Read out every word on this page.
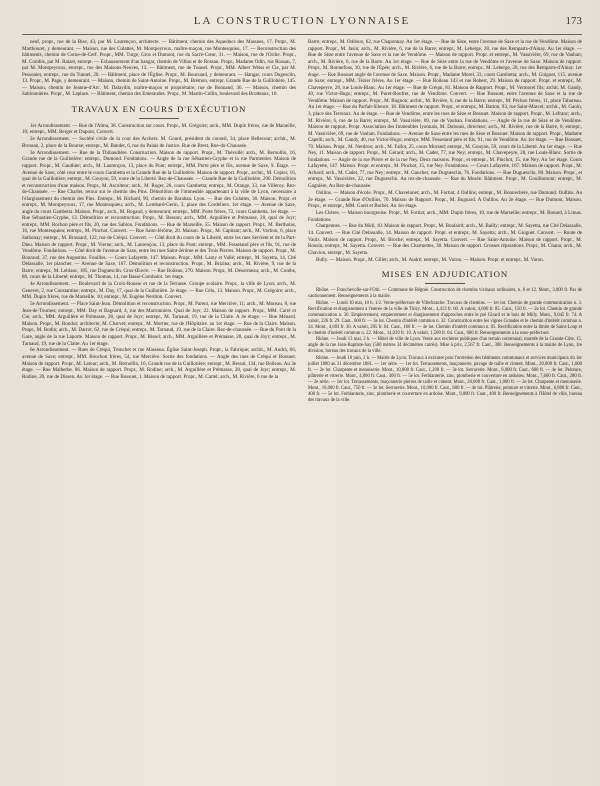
LA CONSTRUCTION LYONNAISE	173

neuf, propr., rue de la Bise, 43, par M. Laurençon, architecte. — Bâtiment, chemin des Aqueducs des Massues, 17. Propr., M. Marthouret, y demeurant. — Maison, rue des Culattes, M. Montpeyroux, maître-maçon, rue Montesquieu, 17. — Reconstruction des bâtiments, chemin de Corne-de-Cerf. Propr., MM. Turge, Gros et Dumont, rue du Sacré-Cœur, 31. — Maison, rue de l'Ordre. Propr., M. Combis, par M. Raizet, entrepr. — Exhaussement d'un hangar, chemin de Villon et de Rossan. Propr., Madame Odin, rue Rossan, 7, par M. Montpeyroux, entrepr., rue des Maisons-Neuves, 13. — Bâtiment, rue de Tunnel. Propr., MM. Albert Weiss et Cie, par M. Pessonier, entrepr., rue du Tunnel, 20. — Bâtiment, place de l'Église. Propr., M. Boursaud, y demeurant. — Hangar, cours Dugesclin, 13. Propr., M. Page, y demeurant. — Maison, chemin de Saint-Antoine. Propr., M. Brémon, entrepr. Grande Rue de la Guillotière, 145. — Maison, chemin de Jeanne-d'Arc. M. Dalaydin, maître-maçon et propriétaire, rue de Bonnand, 36. — Maison, chemin des Sablonnières. Propr., M. Laplace. — Bâtiment, chemin des Emeraudes. Propr., M. Martin-Collin, boulevard des Brotteaux, 16.

TRAVAUX EN COURS D'EXÉCUTION

1er Arrondissement. — Rue de l'Alma, 38. Construction sur cours. Propr., M. Grégoire; arch., MM. Dupin frères, rue de Marseille, 10; entrepr., MM. Berger et Dupont, Convert.

2e Arrondissement. — Société civile de la cour des Archers. M. Gourd, président du conseil, 34, place Bellecour; archit., M. Brossan, 2, place de la Bourse; entrepr., M. Bandet, 6, rue du Palais de Justice. Rue de Brest, Rue-du-Chaussée.

3e Arrondissement. — Rue de la Thibaudière. Construction. Maison de rapport. Propr., M. Thévollé; arch., M. Bernollin, 16, Grande rue de la Guillotière; entrepr., Dumond. Fondations. — Angle de la rue Sébastien-Gryphe et la rue Parmentier. Maison de rapport. Propr., M. Gauthier; arch., M. Laurençon, 13, place du Pont; entrepr., MM. Porte père et fils, avenue de Saxe, 9. Étage. — Avenue de Saxe, côté cour entre le cours Gambetta et la Grande Rue de la Guillotière. Maison de rapport. Propr., archit., M. Copier, 16, quai de la Guillotière; entrepr., M. Gouyon, 59, route de la Liberté. Rez-de-Chaussée. — Grande Rue de la Guillotière, 290. Démolition et reconstruction d'une maison. Propr., M. Ascolteur; arch., M. Roger, 26, cours Gambetta; entrepr., M. Orange, 33, rue Villeroy. Rez-de-Chaussée. — Rue Charlet, retour sur le chemin des Pins. Démolition de l'immeuble appartenant à la ville de Lyon, nécessaire à l'élargissement du chemin des Pins. Entrepr., M. Richard, 90, chemin de Baraban. Lyon. — Rue des Culattes, 30. Maison. Propr. et entrepr., M. Montpeyroux, 17, rue Montesquieu; arch., M. Lombard-Gerin, 3, place des Cordeliers. 1er étage. — Avenue de Saxe, angle du cours Gambetta. Maison. Propr., arch., M. Bogaud, y demeurant; entrepr., MM. Porte frères, 72, cours Gambetta. 1er étage. — Rue Sébastien-Gryphe, 13. Démolition et reconstruction. Propr., M. Besson; arch., MM. Arguillère et Prémasse, 28, quai de Joyr; entrepr., MM. Rochon père et fils, 20, rue des Sablon. Fondations. — Rue de Marseille, 55. Maison de rapport. Propr., M. Bertholas, 16, rue Montesquieu; entrepr., M. Pinchot. Convert. — Rue Saint-Jérôme, 20. Maison. Propr., M. Capitant; arch., M. Vachon, 6, place Sathonay; entrepr., M. Brossard, 122, rue de Créqui. Convert. — Côté droit du cours de la Liberté, entre les rues Servient et de la Part-Dieu. Maison de rapport. Propr., M. Vierne; arch., M. Laurençon, 13, place du Pont; entrepr., MM. Fessetand père et fils, 91, rue de Vendôme. Fondations. — Côté droit de l'avenue de Saxe, entre les rues Saint-Jérôme et des Trois Pierres. Maison de rapport. Propr., M. Bouraud, 37, rue des Augustins. Fouilles. — Cours Lafayette, 147. Maison. Propr., MM. Lamy et Vallé; entrepr., M. Sayetta, 14, Cité Delassalle, 1er plancher. — Avenue de Saxe, 167. Démolition et reconstruction. Propr., M. Brizina; arch., M. Rivière, 9, rue de la Barre; entrepr., M. Leblanc, 185, rue Duguesclin. Gros-Œuvre. — Rue Boileau, 270. Maison. Propr., M. Désormeau; arch., M. Combs, 86, cours de la Liberté; entrepr., M. Thomas, 14, rue Basse-Combalot. 1er étage.

4e Arrondissement. — Boulevard de la Croix-Rousse et rue de la Terrasse. Groupe scolaire. Propr., la ville de Lyon; arch., M. Genevet, 2, rue Constantine; entrepr., M. Day, 17, quai de la Guillotière. 2e étage. — Rue Célu, 13. Maison. Propr., M. Grégoire; arch., MM. Dupin frères, rue de Marseille, 10; entrepr., M. Eugène Nerdron. Convert.

5e Arrondissement. — Place Saint-Jean. Démolition et reconstruction. Propr., M. Parent, rue Mercière, 11; arch., M. Moreau, 8, rue Jean-de-Tournes; entrepr., MM. Day et Bagnard, 4, rue des Marronniers. Quai de Joyr, 22. Maison de rapport. Propr., MM. Carré et Cie; arch., MM. Arguillère et Prémasse, 28, quai de Joyr; entrepr., M. Tarnaud, 19, rue de la Claire. A 4e étage. — Rue Ménard. Maison. Propr., M. Rondot; architecte, M. Charvet; entrepr., M. Mortier, rue de l'Hôpitaire. au 1er étage. — Rue de la Claire. Maison. Propr., M. Bodin; arch., M. Darrot, 62, rue de Créqui; entrepr., M. Tarnaud, 19, rue de la Claire. Rez-de-chaussée. — Rue du Pont de la Gare, angle de la rue Laporte. Maison de rapport. Propr., M. Bissel; arch., MM. Arguillère et Prémasse, 28, quai de Joyr; entrepr., M. Tarnaud, 19, rue de la Claire. Au 1er étage.

6e Arrondissement. — Rues de Créqui, Tronchet et rue Massena. Église Saint-Joseph. Propr., la Fabrique; archit., M. Audrà, 66, avenue de Saxe; entrepr., MM. Bouchon frères, 54, rue Mercière. Sortie des fondations. — Angle des rues de Créqui et Bossuet. Maison de rapport. Propr., M. Latour; arch., M. Bernollin, 16, Grande rue de la Guillotière; entrepr., M. Bessal, 134, rue Boileau. Au 3e étage. — Rue Malherbe. 86. Maison de rapport. Propr., M. Rodine; arch., M. Arguillère et Prémasse, 28, quai de Joyr; entrepr., M. Rodine, 20, rue de Dissen. Au 1er étage. — Rue Bossuet, 1. Maison de rapport. Propr., M. Cartel; arch., M. Rivière, 6 rue de la

Barre; entrepr., M. Oddoux, 62, rue Chaponnay. Au 1er étage. — Rue de Sèze, entre l'avenue de Saxe et la rue de Vendôme. Maison de rapport. Propr., M. Jasin; arch., M. Rivière, 6, rue de la Barre; entrepr., M. Leberge, 28, rue des Remparts-d'Ainay. Au 1er étage. — Rue de Sèze entre l'avenue de Saxe et la rue de Vendôme. — Maison de rapport. Propr. et entrepr., M. Vassivière, 69, rue de Vauban; arch., M. Rivière, 6, rue de la Barre. Au 1er étage. — Rue de Sèze entre la rue de Vendôme et l'avenue de Saxe. Maison de rapport. Propr., M. Bonnefous, 10, rue de l'Épée; arch., M. Rivière, 6, rue de la Barre; entrepr., M. Leberge, 28, rue des Remparts-d'Ainay. 1er étage. — Rue Bossuet angle de l'avenue de Saxe. Maison. Propr., Madame Morel, 33, cours Gambetta; arch., M. Guiguet, 115, avenue de Saxe; entrepr., MM. Tézier frères. Au 1er étage. — Rue Boileau 143 et rue Robert, 29. Maison de rapport. Propr. et entrepr., M. Chavepeyre, 28, rue Louis-Blanc. Au 1er étage. — Rue de Créqui, 81. Maison de Rapport. Propr., M. Vermorel fils; archit. M. Gandy, 40, rue Victor-Hugo; entrepr., M. Puret-Bonfret, rue de Vendôme. Convert. — Rue Bossuet, entre l'avenue de Saxe et la rue de Vendôme. Maison de rapport. Propr., M. Bugnon; archit., M. Rivière, 6, rue de la Barre; entrepr., M. Péchon frères, 11, place Tabareau. Au 1er étage. — Rue du Parfait-Silence, 18. Bâtiment de rapport. Propr., et entrepr., M. Batton, 93, rue Saint-Marcel; archit., M. Gaoin, 3, place des Terreaux. Au 4e étage. — Rue de Vendôme, entre les rues de Sèze et Bossuet. Maison de rapport. Propr., M. Lefranc; arch., M. Rivière, 6, rue de la Barre; entrepr., M. Vassivière, 69, rue de Vauban. Fondations. — Angle de la rue de Sèze et de Vendôme. Maison de rapport. Propr. Association des Immeubles lyonnais, M. Dubouis, directeur; arch., M. Rivière, rue de la Barre, 6; entrepr., M. Vassivière, 69, rue de Vauban. Fondations. — Avenue de Saxe entre les rues de Sèze et Bossuet. Maison de rapport. Propr., Madame Capelli; arch., M. Gandy, 40, rue Victor-Hugo; entrepr. MM. Fessetand père et fils, 91, rue de Vendôme. Au 1er étage. — Rue Bossuet, 70. Maison. Propr., M. Nerdron; arch., M. Fallot, 25, cours Morand; entrepr., M. Gouyon, 59, cours de la Liberté. Au 1er étage. — Rue Ney, 11. Maison de rapport. Propr., M. Gérard; arch., M. Cadet, 77, rue Ney; entrepr., M. Chavepeyre, 28, rue Louis-Blanc. Sortie de fondations. — Angle de la rue Pierre et de la rue Ney. Deux maisons. Propr., et entrepr., M. Pinchot, 15, rue Ney. Au 1er étage. Cours Lafayette, 147. Maison. Propr. et entrepr., M. Pinchot, 15, rue Ney. Fondations. — Cours Lafayette, 167. Maison de rapport. Propr., M. Achard; arch., M. Cadet, 77, rue Ney; entrepr., M. Gaucher, rue Duguesclin, 76. Fondations. — Rue Duguesclin, 80. Maison. Propr., et entrepr., M. Vassivière, 22, rue Duguesclin. Au rez-de-chaussée. — Rue du Musée. Bâtiment. Propr., M. Gouillomont; entrepr., M. Gagnière, Au Rez-de-chaussée.

Oullins. — Maison d'école. Propr., M. Chavelonet; arch., M. Fortiat, 4 Oullins; entrepr., M. Bonnechère, rue Dumond. Oullins. Au 2e étage. — Grande Rue d'Oullins, 70. Maison de Rapport. Propr., M. Bugnard. A Oullins. Au 2e étage. — Rue Dumont. Maison. Propr., et entrepr., MM. Garet et Borbet. Au 1er étage.

Les Chères. — Maison bourgeoise. Propr., M. Fortiat; arch., MM. Dupin frères, 10, rue de Marseille; entrepr., M. Bonard, à Limas. Fondations.

Charpennes. — Rue du Midi, 10. Maison de rapport. Propr., M. Boulaird; arch., M. Bailly; entrepr., M. Sayetta, rue Cité Delassalle, 14. Convert. — Rue Cité Delassalle, 14. Maison de rapport. Propr. et entrepr., M. Sayetta; arch., M. Guiguet. Convert. — Route de Vaulx. Maison de rapport. Propr., M. Broche; entrepr., M. Sayetta. Convert. — Rue Saint-Antoine. Maison de rapport. Propr., M. Rousin; entrepr., M. Sayetta. Convert. — Rue des Charmettes, 30. Maison de rapport. Grosses réparations. Propr., M. Chana; arch., M. Chavion, entrepr., M. Sayetta.

Bully. — Maison. Propr., M. Gillet; arch., M. Audré; entrepr., M. Vuron. — Maison. Propr. et entrepr., M. Varon.

MISES EN ADJUDICATION

Rhône. — Franchevolle-sur-l'Orb. — Commune de Régnié. Construction de chemins vicinaux ordinaires, n. 8 et 12. Mont., 3,000 fr. Pas de cautionnement. Renseignements à la mairie.

Rhône. — Lundi 10 mai, 10 h. 1/2. Vente-préfecture de Villefranche. Travaux de chemins. — 1er lot. Chemin de grande communication n. 3. Rectification et élargissement à l'entrée de la ville de Thizy. Mont., 4,413 fr. 60. A valoir, 4,600 fr. 85. Caut., 150 fr. — 2e lot. Chemin de grande communication n. 30. Empierrement, empierrement et élargissement d'approches entre le pré Girard et le bois de Milly. Mont., 9,045 fr. 74. A valoir, 226 fr. 29. Caut., 600 fr. — 3e lot. Chemin d'intérêt commun n. 32. Construction entre les vignes Grandes et le chemin d'intérêt commun n. 34. Mont., 4,603 fr. 30. A valoir, 205 fr. 64. Caut., 160 fr. — 4e lot. Chemin d'intérêt commun n. 85. Rectification entre la limite de Saint-Loup et le chemin d'intérêt commun n. 22. Mont., 14,039 fr. 10. A valoir, 1,500 fr. 64. Caut., 600 fr. Renseignements à la sous-préfecture.

Rhône. — Jeudi 13 mai, 2 h. — Hôtel de ville de Lyon. Vente aux enchères publiques d'un terrain communal, montée de la Grande-Côte, 15, angle de la rue Jean-Baptiste-Say (500 mètres 34 décimètres carrés). Mise à prix, 2,567 fr. Caut., 300. Renseignements à la mairie de Lyon, 1re division, bureau des travaux de la ville.

Rhône. — Jeudi 10 juin, 2 h. — Mairie de Lyon. Travaux à exécuter pour l'entretien des bâtiments communaux et services municipaux du 1er juillet 1880 au 31 décembre 1881. — 1er série. — 1er lot. Terrassements, maçonnerie, pavage de taille et ciment. Mont., 20,000 fr. Caut., 1,000 fr. — 2e lot. Charpente et menuiserie. Mont., 10,000 fr. Caut., 1,200 fr. — 3e lot. Serrurerie. Mont., 8,000 fr. Caut., 600 fr. — 4e lot. Peinture, plâtrerie et vitrerie. Mont., 4,000 fr. Caut., 300 fr. — 5e lot. Ferblanterie, zinc, plomberie et couverture en ardoises. Mont., 7,600 fr. Caut., 280 fr. — 2e série. — 1er lot. Terrassements, maçonnerie pierres de taille et ciment. Mont., 20,000 fr. Caut., 1,000 fr. — 2e lot. Charpente et menuiserie. Mont., 16,000 fr. Caut., 750 fr. — 3e lot. Serrurerie. Mont., 10,000 fr. Caut., 600 fr. — 4e lot. Plâtrerie, peinture et vitrerie. Mont., 6,800 fr. Caut., 400 fr. — 5e lot. Ferblanterie, zinc, plomberie et couverture en ardoise. Mont., 9,000 fr. Caut., 400 fr. Renseignements à l'Hôtel de ville, bureau des travaux de la ville.
